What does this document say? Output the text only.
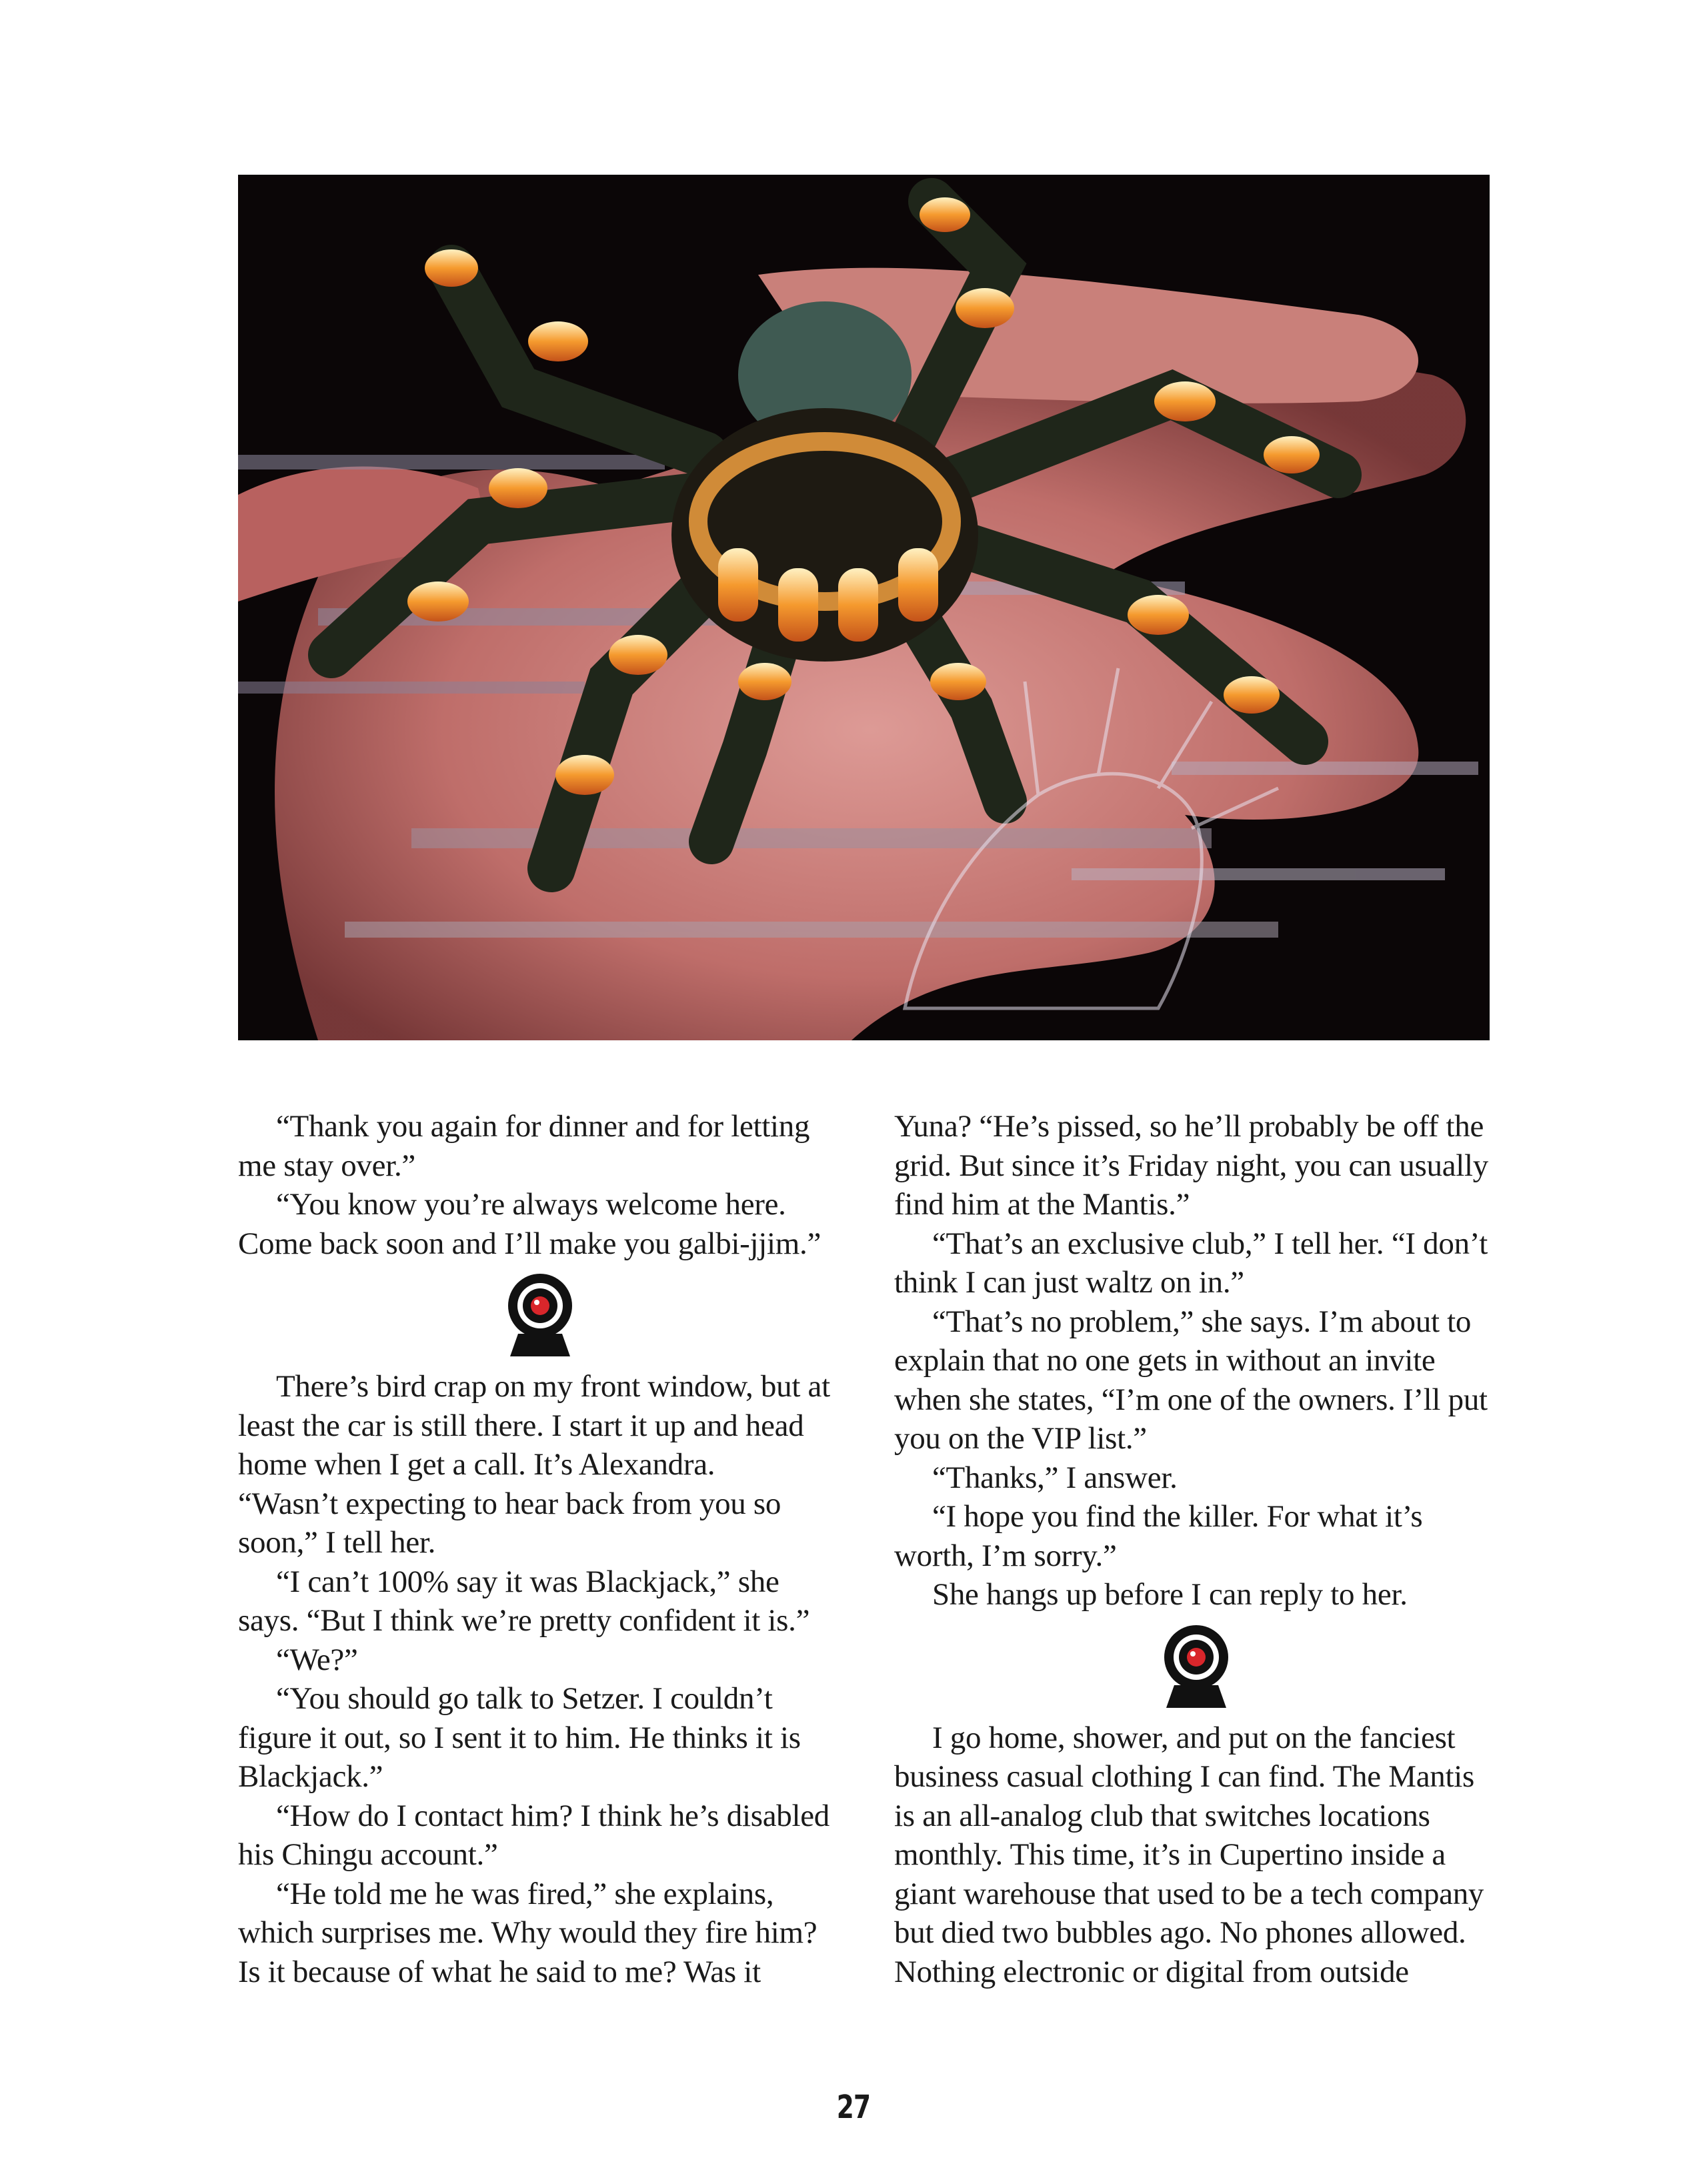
“Thank you again for dinner and for letting me stay over.”

“You know you’re always welcome here. Come back soon and I’ll make you galbi-jjim.”

There’s bird crap on my front window, but at least the car is still there. I start it up and head home when I get a call. It’s Alexandra.

“Wasn’t expecting to hear back from you so soon,” I tell her.

“I can’t 100% say it was Blackjack,” she says. “But I think we’re pretty confident it is.”

“We?”

“You should go talk to Setzer. I couldn’t figure it out, so I sent it to him. He thinks it is Blackjack.”

“How do I contact him? I think he’s disabled his Chingu account.”

“He told me he was fired,” she explains, which surprises me. Why would they fire him? Is it because of what he said to me? Was it

Yuna? “He’s pissed, so he’ll probably be off the grid. But since it’s Friday night, you can usually find him at the Mantis.”

“That’s an exclusive club,” I tell her. “I don’t think I can just waltz on in.”

“That’s no problem,” she says. I’m about to explain that no one gets in without an invite when she states, “I’m one of the owners. I’ll put you on the VIP list.”

“Thanks,” I answer.

“I hope you find the killer. For what it’s worth, I’m sorry.”

She hangs up before I can reply to her.

I go home, shower, and put on the fanciest business casual clothing I can find. The Mantis is an all-analog club that switches locations monthly. This time, it’s in Cupertino inside a giant warehouse that used to be a tech company but died two bubbles ago. No phones allowed. Nothing electronic or digital from outside

27
